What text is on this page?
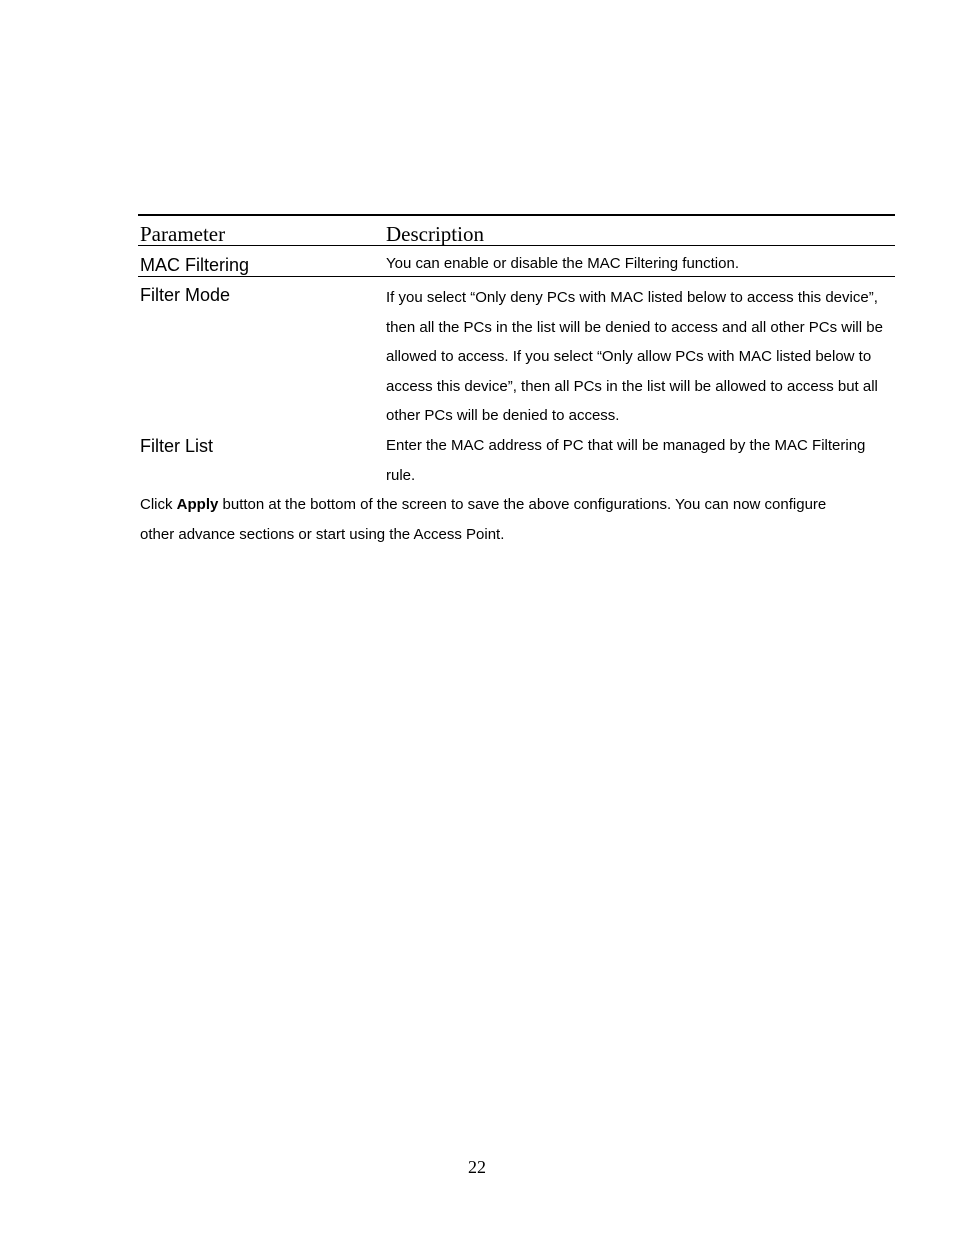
Parameter	Description
MAC Filtering	You can enable or disable the MAC Filtering function.
Filter Mode	If you select “Only deny PCs with MAC listed below to access this device”, then all the PCs in the list will be denied to access and all other PCs will be allowed to access. If you select “Only allow PCs with MAC listed below to access this device”, then all PCs in the list will be allowed to access but all other PCs will be denied to access.
Filter List	Enter the MAC address of PC that will be managed by the MAC Filtering rule.
Click Apply button at the bottom of the screen to save the above configurations. You can now configure other advance sections or start using the Access Point.
22
